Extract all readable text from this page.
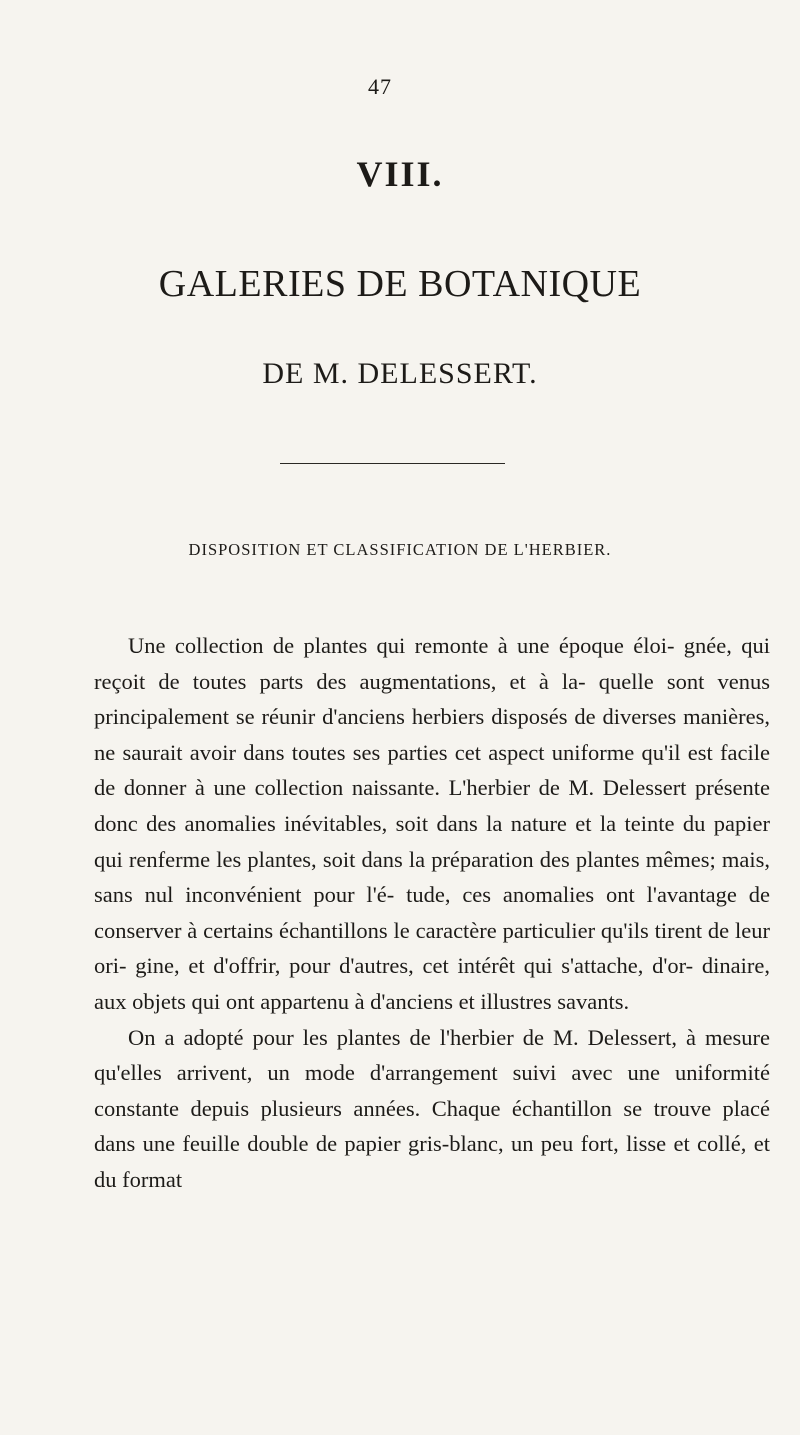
47
VIII.
GALERIES DE BOTANIQUE
DE M. DELESSERT.
DISPOSITION ET CLASSIFICATION DE L'HERBIER.

Une collection de plantes qui remonte à une époque éloi- gnée, qui reçoit de toutes parts des augmentations, et à la- quelle sont venus principalement se réunir d'anciens herbiers disposés de diverses manières, ne saurait avoir dans toutes ses parties cet aspect uniforme qu'il est facile de donner à une collection naissante. L'herbier de M. Delessert présente donc des anomalies inévitables, soit dans la nature et la teinte du papier qui renferme les plantes, soit dans la préparation des plantes mêmes; mais, sans nul inconvénient pour l'é- tude, ces anomalies ont l'avantage de conserver à certains échantillons le caractère particulier qu'ils tirent de leur ori- gine, et d'offrir, pour d'autres, cet intérêt qui s'attache, d'or- dinaire, aux objets qui ont appartenu à d'anciens et illustres savants.

On a adopté pour les plantes de l'herbier de M. Delessert, à mesure qu'elles arrivent, un mode d'arrangement suivi avec une uniformité constante depuis plusieurs années. Chaque échantillon se trouve placé dans une feuille double de papier gris-blanc, un peu fort, lisse et collé, et du format
